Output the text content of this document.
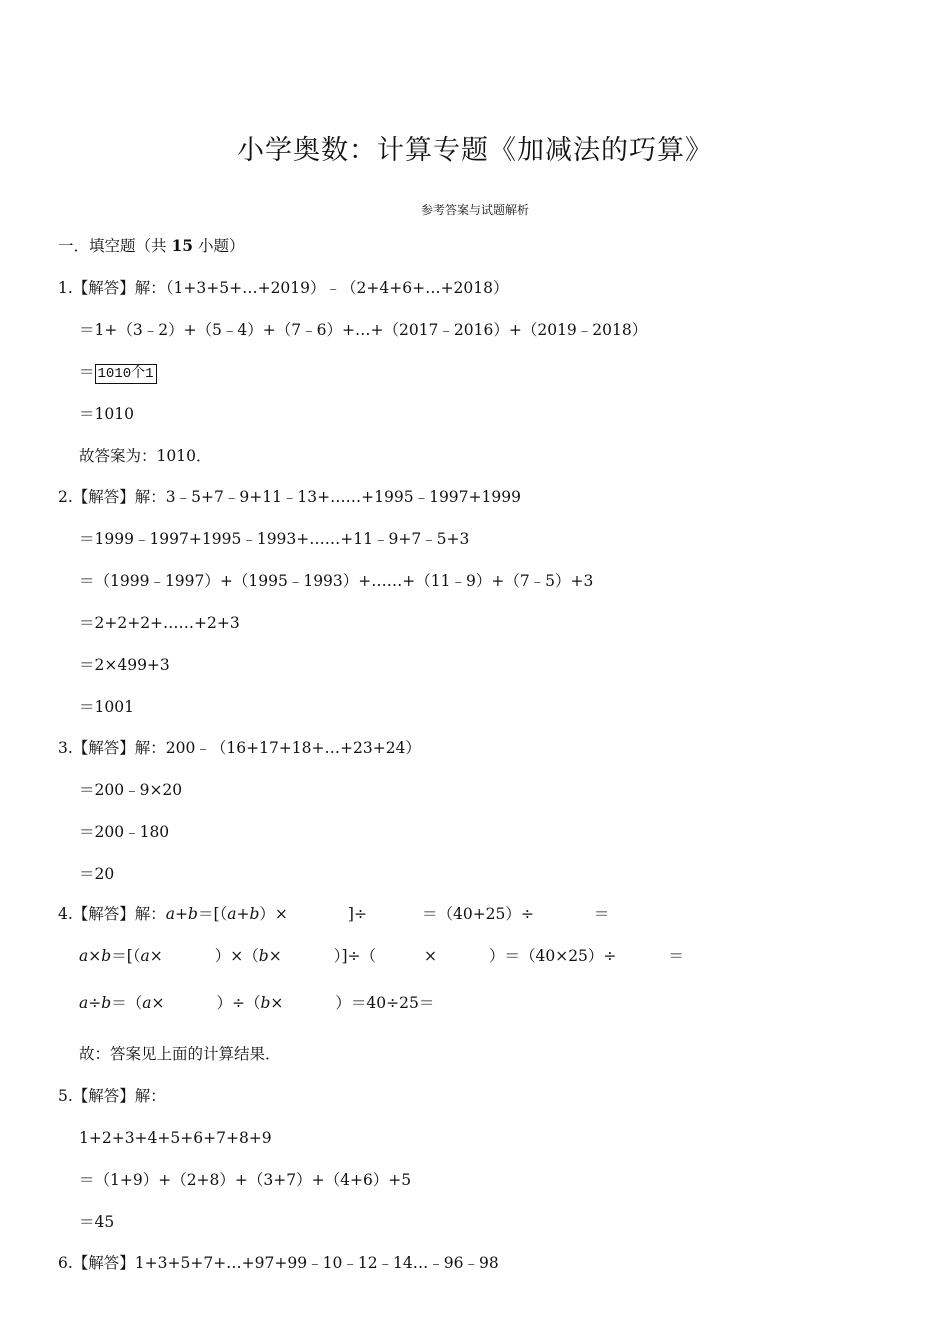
小学奥数：计算专题《加减法的巧算》
参考答案与试题解析
一．填空题（共 15 小题）
1.【解答】解：（1+3+5+…+2019）﹣（2+4+6+…+2018）
＝1+（3﹣2）+（5﹣4）+（7﹣6）+…+（2017﹣2016）+（2019﹣2018）
＝ 1010个1
＝1010
故答案为：1010．
2.【解答】解：3﹣5+7﹣9+11﹣13+……+1995﹣1997+1999
＝1999﹣1997+1995﹣1993+……+11﹣9+7﹣5+3
＝（1999﹣1997）+（1995﹣1993）+……+（11﹣9）+（7﹣5）+3
＝2+2+2+……+2+3
＝2×499+3
＝1001
3.【解答】解：200﹣（16+17+18+…+23+24）
＝200﹣9×20
＝200﹣180
＝20
4.【解答】解：a+b＝[（a+b）×	]÷	＝（40+25）÷	＝
a×b＝[（a×	）×（b×	）]÷（	×	）＝（40×25）÷	＝
a÷b＝（a×	）÷（b×	）＝40÷25＝
故：答案见上面的计算结果．
5.【解答】解：
1+2+3+4+5+6+7+8+9
＝（1+9）+（2+8）+（3+7）+（4+6）+5
＝45
6.【解答】1+3+5+7+…+97+99﹣10﹣12﹣14…﹣96﹣98
